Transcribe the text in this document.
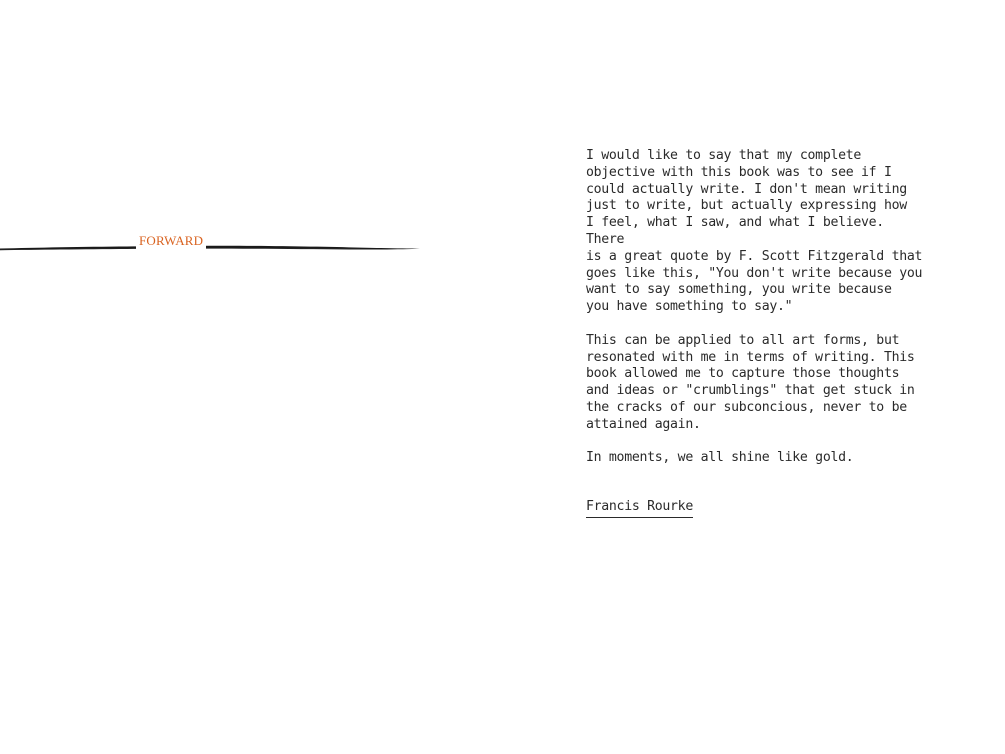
FORWARD

I would like to say that my complete
objective with this book was to see if I
could actually write. I don't mean writing
just to write, but actually expressing how
I feel, what I saw, and what I believe. There
is a great quote by F. Scott Fitzgerald that
goes like this, "You don't write because you
want to say something, you write because
you have something to say."

This can be applied to all art forms, but
resonated with me in terms of writing. This
book allowed me to capture those thoughts
and ideas or "crumblings" that get stuck in
the cracks of our subconcious, never to be
attained again.

In moments, we all shine like gold.

Francis Rourke
